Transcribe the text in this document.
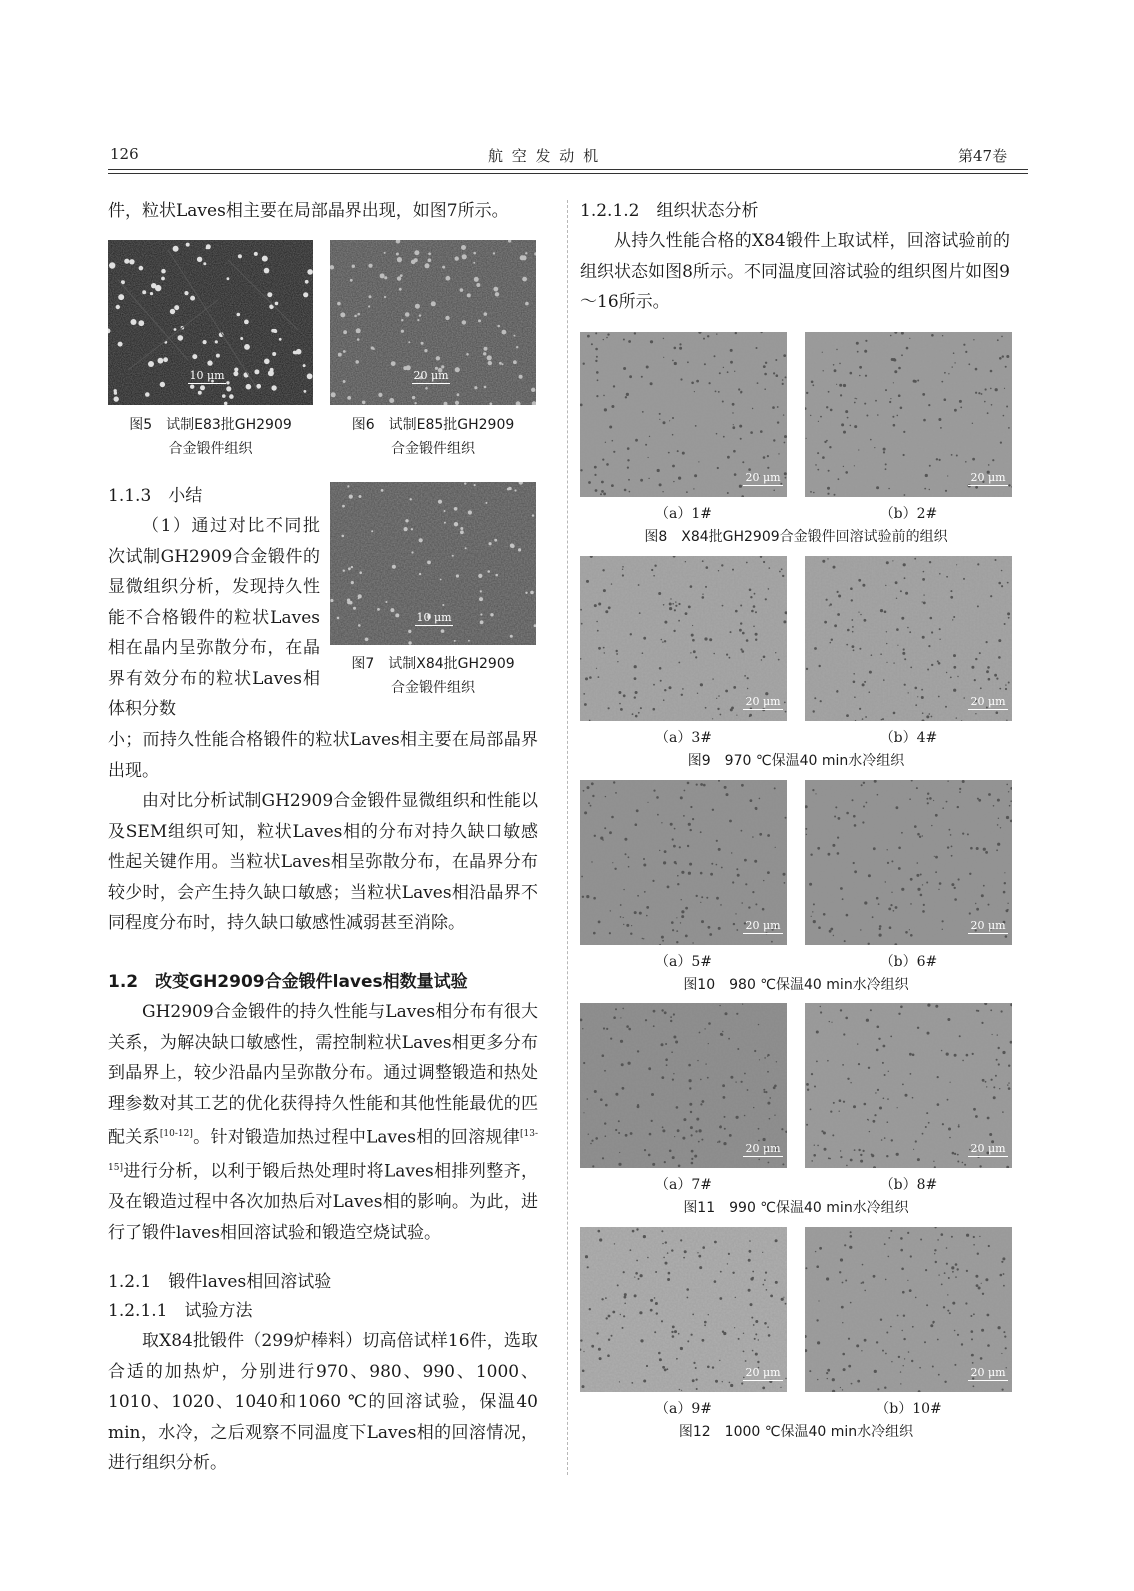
126	航 空 发 动 机	第47卷

件，粒状Laves相主要在局部晶界出现，如图7所示。

10 μm
图5　试制E83批GH2909
合金锻件组织
20 μm
图6　试制E85批GH2909
合金锻件组织
1.1.3　小结

（1）通过对比不同批次试制GH2909合金锻件的显微组织分析，发现持久性能不合格锻件的粒状Laves相在晶内呈弥散分布，在晶界有效分布的粒状Laves相体积分数

10 μm
图7　试制X84批GH2909
合金锻件组织

小；而持久性能合格锻件的粒状Laves相主要在局部晶界出现。

由对比分析试制GH2909合金锻件显微组织和性能以及SEM组织可知，粒状Laves相的分布对持久缺口敏感性起关键作用。当粒状Laves相呈弥散分布，在晶界分布较少时，会产生持久缺口敏感；当粒状Laves相沿晶界不同程度分布时，持久缺口敏感性减弱甚至消除。

1.2　改变GH2909合金锻件laves相数量试验

GH2909合金锻件的持久性能与Laves相分布有很大关系，为解决缺口敏感性，需控制粒状Laves相更多分布到晶界上，较少沿晶内呈弥散分布。通过调整锻造和热处理参数对其工艺的优化获得持久性能和其他性能最优的匹配关系[10-12]。针对锻造加热过程中Laves相的回溶规律[13-15]进行分析，以利于锻后热处理时将Laves相排列整齐，及在锻造过程中各次加热后对Laves相的影响。为此，进行了锻件laves相回溶试验和锻造空烧试验。

1.2.1　锻件laves相回溶试验
1.2.1.1　试验方法

取X84批锻件（299炉棒料）切高倍试样16件，选取合适的加热炉，分别进行970、980、990、1000、1010、1020、1040和1060 ℃的回溶试验，保温40 min，水冷，之后观察不同温度下Laves相的回溶情况，进行组织分析。

1.2.1.2　组织状态分析

从持久性能合格的X84锻件上取试样，回溶试验前的组织状态如图8所示。不同温度回溶试验的组织图片如图9～16所示。

20 μm
（a）1#
20 μm
（b）2#
图8　X84批GH2909合金锻件回溶试验前的组织
20 μm
（a）3#
20 μm
（b）4#
图9　970 ℃保温40 min水冷组织
20 μm
（a）5#
20 μm
（b）6#
图10　980 ℃保温40 min水冷组织
20 μm
（a）7#
20 μm
（b）8#
图11　990 ℃保温40 min水冷组织
20 μm
（a）9#
20 μm
（b）10#
图12　1000 ℃保温40 min水冷组织
